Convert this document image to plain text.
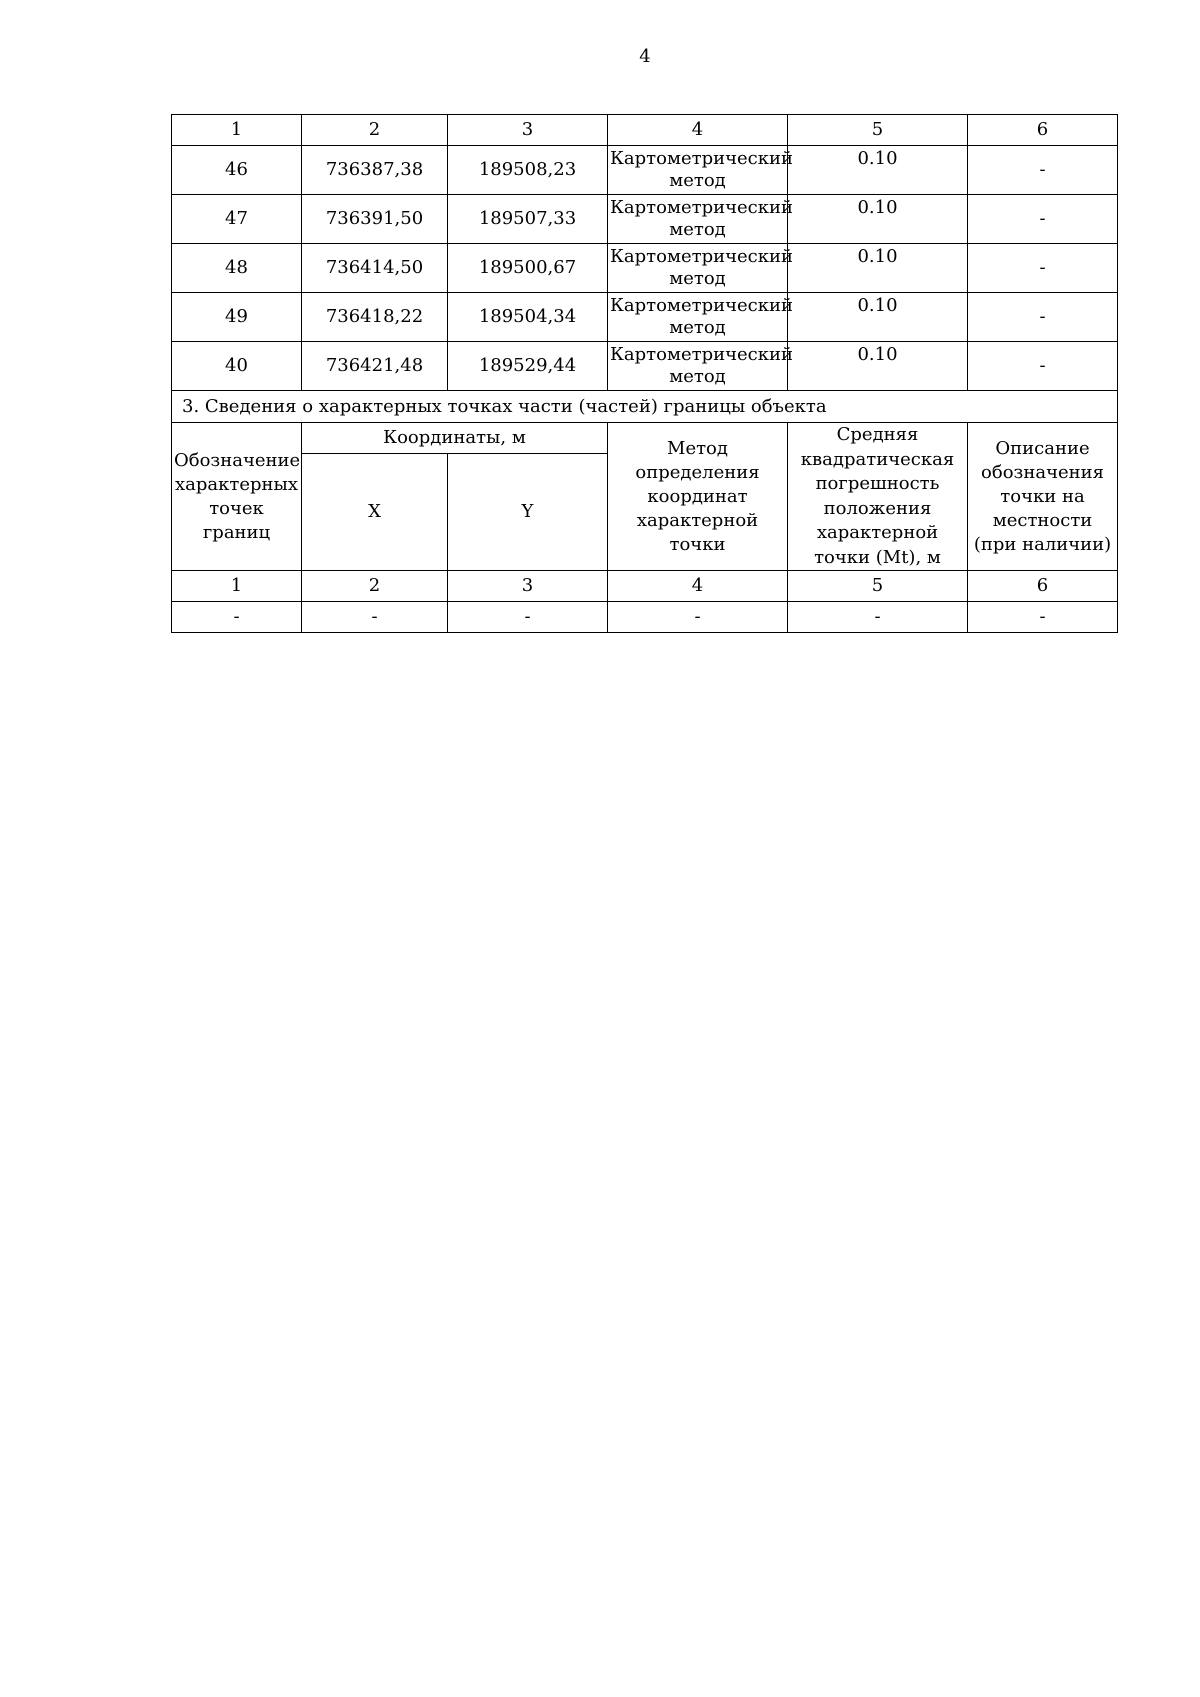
4
1	2	3	4	5	6
46	736387,38	189508,23	Картометрический метод	0.10	-
47	736391,50	189507,33	Картометрический метод	0.10	-
48	736414,50	189500,67	Картометрический метод	0.10	-
49	736418,22	189504,34	Картометрический метод	0.10	-
40	736421,48	189529,44	Картометрический метод	0.10	-
3. Сведения о характерных точках части (частей) границы объекта					
Обозначение характерных точек границ	Координаты, м		Метод определения координат характерной точки	Средняя квадратическая погрешность положения характерной точки (Mt), м	Описание обозначения точки на местности (при наличии)
	X	Y			
1	2	3	4	5	6
-	-	-	-	-	-
